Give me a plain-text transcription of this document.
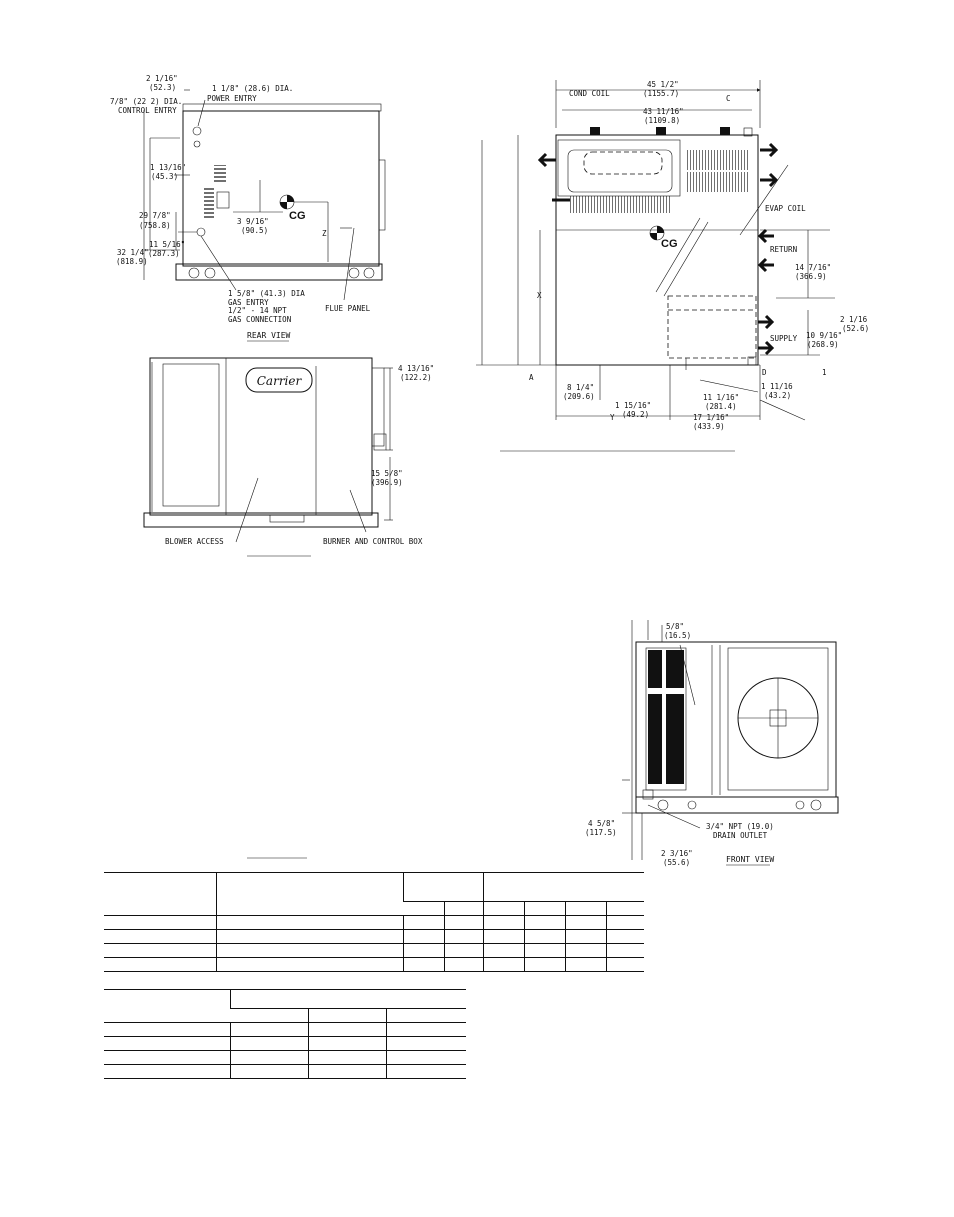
2 1/16"
(52.3)
7/8" (22 2) DIA.
CONTROL ENTRY
1 1/8" (28.6) DIA.
POWER ENTRY
1 13/16"
(45.3)
29 7/8"
(758.8)
11 5/16"
(287.3)
32 1/4"
(818.9)
3 9/16"
(90.5)
CG
Z
1 5/8" (41.3) DIA
GAS ENTRY
1/2" - 14 NPT
GAS CONNECTION
FLUE PANEL
REAR VIEW
Carrier
4 13/16"
(122.2)
15 5/8"
(396.9)
BLOWER ACCESS	BURNER AND CONTROL BOX
45 1/2"
(1155.7)
COND COIL
43 11/16"
(1109.8)
C
EVAP COIL
CG	RETURN
14 7/16"
(366.9)
2 1/16
(52.6)
SUPPLY 10 9/16"
(268.9)
X
Y
A
D
8 1/4"
(209.6)
1 15/16"
(49.2)
11 1/16"
(281.4)
1 11/16
(43.2)
17 1/16"
(433.9)
1
5/8"
(16.5)
4 5/8"
(117.5)
2 3/16"
(55.6)
3/4" NPT (19.0)
DRAIN OUTLET
FRONT VIEW
